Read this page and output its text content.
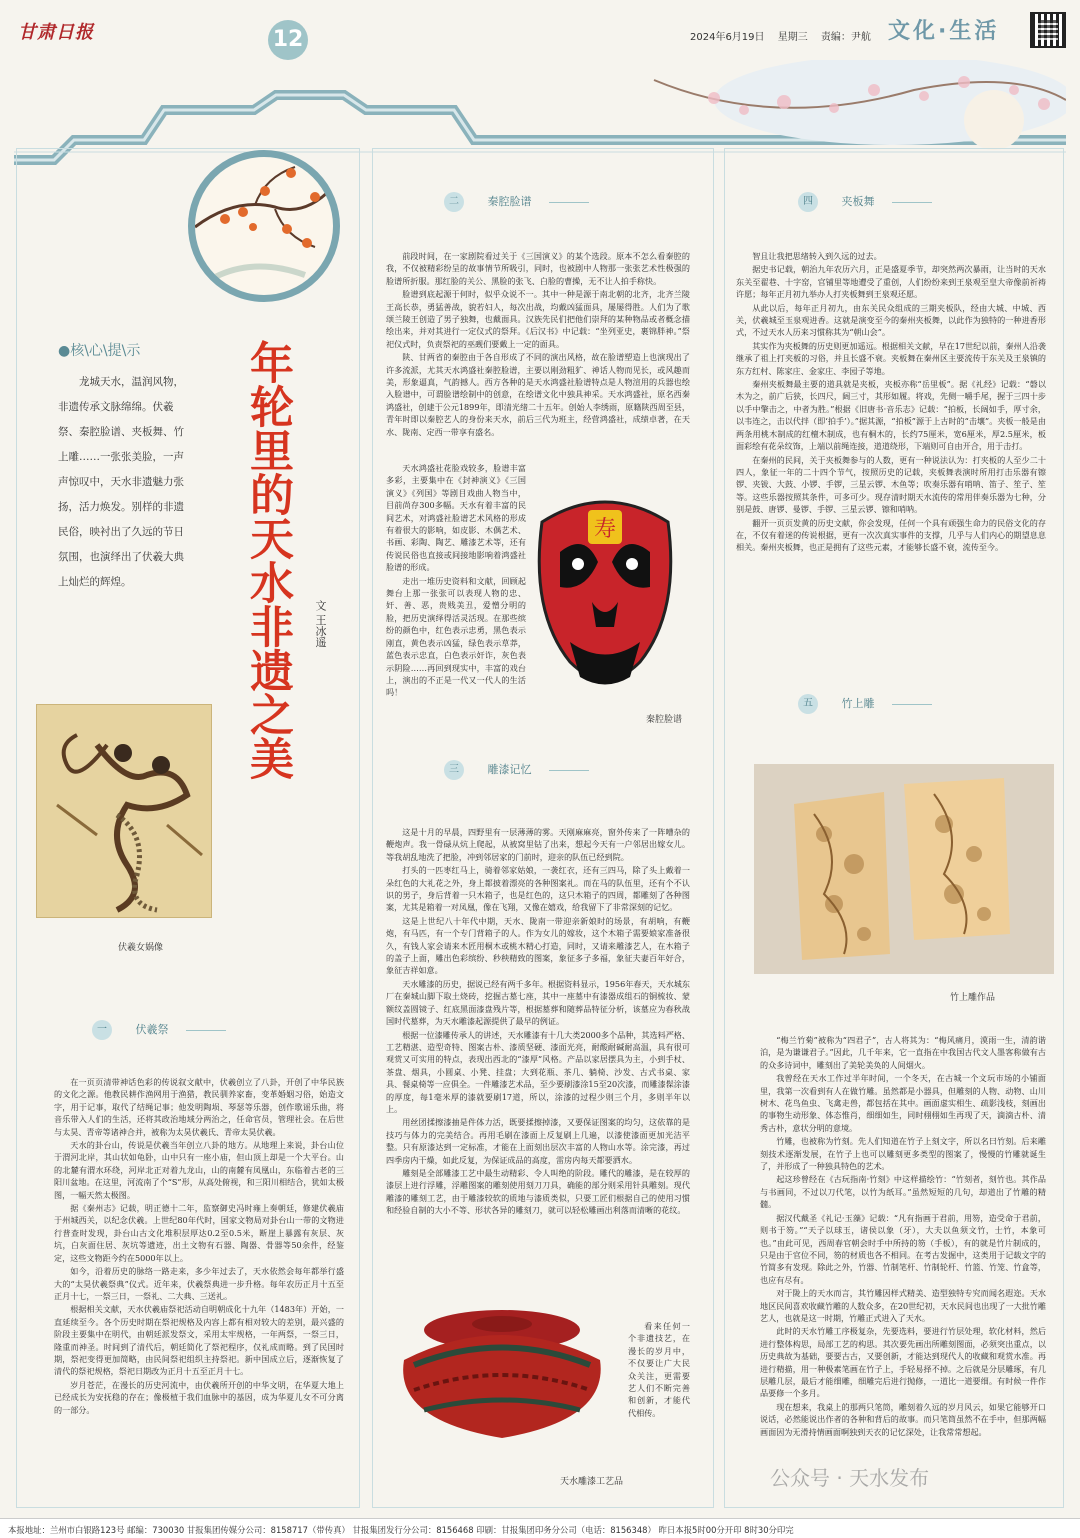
甘肃日报	12	2024年6月19日 星期三 责编：尹航 文化·生活
●核\心\提\示
龙城天水，温润风物，非遗传承文脉绵绵。伏羲祭、秦腔脸谱、夹板舞、竹上雕……一张张美脸，一声声惊叹中，天水非遗魅力张扬，活力焕发。别样的非遗民俗，映衬出了久远的节日氛围，也演绎出了伏羲大典上灿烂的辉煌。	年轮里的天水非遗之美 文 王冰遥
伏羲女娲像
一	伏羲祭

在一页页清带神话色彩的传说叙文献中，伏羲创立了八卦，开创了中华民族的文化之源。他教民耕作渔网用于渔猎，教民驯养家畜，变革婚姻习俗，始造文字，用于记事，取代了结绳记事；他发明陶埙、琴瑟等乐器，创作歌谣乐曲，将音乐带入人们的生活，还将其政治地域分两治之，任命官员，管理社会。在后世与太昊、青帝等诸神合并，被称为太昊伏羲氏、青帝太昊伏羲。

天水的卦台山，传说是伏羲当年创立八卦的地方。从地理上来说，卦台山位于渭河北岸，其山状如龟卧，山中只有一座小庙，但山顶上却是一个大平台。山的北麓有渭水环绕，河岸北正对着九龙山，山的南麓有凤凰山，东临着古老的三阳川盆地。在这里，河流南了个“S”形，从高处俯视，和三阳川相结合，犹如太极图，一幅天然太极图。

据《秦州志》记载，明正德十二年，监察御史冯时雍上奏朝廷，修建伏羲庙于州城西关，以纪念伏羲。上世纪80年代时，国家文物局对卦台山一带的文物进行普查时发现，卦台山古文化堆积层厚达0.2至0.5米，断崖上暴露有灰层、灰坑，白灰面住居、灰坑等遗迹，出土文物有石器、陶器、骨器等50余件，经鉴定，这些文物距今约在5000年以上。

如今，沿着历史的脉络一路走来，多少年过去了，天水依然会每年都举行盛大的“太昊伏羲祭典”仪式。近年来，伏羲祭典进一步升格。每年农历正月十五至正月十七，一祭三日，一祭礼、二大典、三送礼。

根据相关文献，天水伏羲庙祭祀活动自明朝成化十九年（1483年）开始，一直延续至今。各个历史时期在祭祀规格及内容上都有相对较大的差别，最兴盛的阶段主要集中在明代，由朝廷派发祭文，采用太牢规格，一年两祭，一祭三日，隆重而神圣。时间到了清代后，朝廷简化了祭祀程序，仅礼成而略。到了民国时期，祭祀变得更加简略，由民间祭祀组织主持祭祀。新中国成立后，逐渐恢复了清代的祭祀规格，祭祀日期改为正月十五至正月十七。

岁月苍茫，在漫长的历史河流中，由伏羲所开创的中华文明，在华夏大地上已经成长为安抚稳的存在；像极植于我们血脉中的基因，成为华夏儿女不可分离的一部分。

二	秦腔脸谱

前段时间，在一家剧院看过关于《三国演义》的某个选段。原本不怎么看秦腔的我，不仅被精彩纷呈的故事情节所吸引，同时，也被剧中人物那一张张艺术性极强的脸谱所折服。那红脸的关公、黑脸的张飞、白脸的曹操，无不让人拍手称快。

脸谱到底起源于何时，似乎众说不一。其中一种是源于南北朝的北齐，北齐兰陵王高长恭，勇猛善战，貌若妇人，每次出战，均戴凶猛面具，屡屡得胜。人们为了歌颂兰陵王创造了男子独舞，也戴面具。汉族先民们把他们崇拜的某种物品或者概念描绘出来，并对其进行一定仪式的祭拜。《后汉书》中记载：“坐列亚史，裹锦胖神。”祭祀仪式时，负责祭祀的巫觋们要戴上一定的面具。

陕、甘两省的秦腔由于各自形成了不同的演出风格，故在脸谱塑造上也演现出了许多流派，尤其天水鸿盛社秦腔脸谱，主要以刚劲粗犷、神话人物而见长，或风趣而美，形象逼真，气韵撼人。西方各种的是天水鸿盛社脸谱特点是人物渲用的兵器也绘入脸谱中，可谓脸谱绘制中的创意，在绘谱文化中独具神采。天水鸿盛社，原名西秦鸿盛社，创建于公元1899年，即清光绪二十五年。创始人李绣雨，原籍陕西周至县，青年时即以秦腔艺人的身份来天水，前后三代为班主，经营鸿盛社，成绩卓著，在天水、陇南、定西一带享有盛名。

天水鸿盛社花脸戏较多，脸谱丰富多彩，主要集中在《封神演义》《三国演义》《列国》等剧目戏曲人物当中，目前尚存300多幅。天水有着丰富的民间艺术，对鸿盛社脸谱艺术风格的形成有着很大的影响，如皮影、木偶艺术、书画、彩陶、陶艺、雕漆艺术等，还有传说民俗也直接或间接地影响着鸿盛社脸谱的形成。

走出一堆历史资料和文献，回顾起舞台上那一张张可以表现人物的忠、奸、善、恶，贵贱美丑，爱憎分明的脸，把历史演绎得活灵活现。在那些缤纷的颜色中，红色表示忠勇，黑色表示刚直，黄色表示凶猛，绿色表示草莽，蓝色表示忠直，白色表示奸诈，灰色表示阴险……再回到现实中，丰富的戏台上，演出的不正是一代又一代人的生活吗！

寿
秦腔脸谱
三	雕漆记忆

这是十月的早晨，四野里有一层薄薄的雾。天刚麻麻亮，窗外传来了一阵嘈杂的鞭炮声。我一骨碌从炕上爬起，从被窝里钻了出来，想起今天有一户邻居出嫁女儿。等我胡乱地洗了把脸，冲到邻居家的门前时，迎亲的队伍已经到院。

打头的一匹枣红马上，骑着邻家姑娘，一袭红衣，还有三四马，除了头上戴着一朵红色的大礼花之外，身上都披着漂亮的各种图案礼。而在马的队伍里，还有个不认识的男子，身后背着一只木箱子，也是红色的，这只木箱子的四周，都雕刻了各种图案，尤其是箱着一对凤凰，像在飞翔，又像在嬉戏，给我留下了非常深刻的记忆。

这是上世纪八十年代中期，天水、陇南一带迎亲新娘时的场景，有胡响，有鞭炮，有马匹，有一个专门背箱子的人。作为女儿的嫁妆，这个木箱子需要娘家准备很久，有钱人家会请来木匠用桐木或桃木精心打造，同时，又请来雕漆艺人，在木箱子的盖子上面，雕出色彩缤纷、秒秧精致的图案，象征多子多福，象征夫妻百年好合，象征吉祥如意。

天水雕漆的历史，据说已经有两千多年。根据资料显示，1956年春天，天水城东厂在秦城山脚下取土烧砖，挖掘古墓七座，其中一座墓中有漆器成组石的铜梳妆、蒙额纹盖圆镜子、红底黑面漆盘残片等，根据墓葬和随葬品特征分析，该墓应为春秋战国时代墓葬，为天水雕漆起源提供了最早的例证。

根据一位漆雕传承人的讲述，天水雕漆有十几大类2000多个品种，其选料严格、工艺精湛、造型奇特、图案古朴、漆质坚硬、漆面光亮，耐酸耐碱耐高温，具有很可观赏又可实用的特点，表现出西北的“漆厚”风格。产品以家居摆具为主，小到手杖、茶盘、烟具，小圆桌、小凳、挂盘；大到花瓶、茶几、躺椅、沙发、古式书桌、家具、餐桌椅等一应俱全。一件雕漆艺术品，至少要刷漆涂15至20次漆，而雕漆髹涂漆的厚度，每1毫米厚的漆就要刷17道，所以，涂漆的过程少则三个月，多则半年以上。

用丝团揉擦漆抽是件体力活，既要揉擦掉漆，又要保证图案的均匀，这依靠的是技巧与体力的完美结合。再用毛刷在漆面上反复刷上几遍，以漆使漆面更加光洁平整。只有原漆达到一定标准，才能在上面刻出层次丰富的人物山水等。涂完漆，再过四季房内干燥，如此反复，为保证成品的高度，雷房内每天都要洒水。

雕刻是全部雕漆工艺中最生动精彩、令人叫绝的阶段。雕代的雕漆，是在较厚的漆层上进行浮雕，浮雕图案的雕刻使用刻刀刀具，确能的部分则采用针具雕刻。现代雕漆的雕刻工艺，由于雕漆较软的质地与漆质类似，只要工匠们根据自己的使用习惯和经验自制的大小不等、形状各异的雕刻刀，就可以轻松雕画出利落而清晰的花纹。

看来任何一个非遗技艺，在漫长的岁月中，不仅要让广大民众关注，更需要艺人们不断完善和创新，才能代代相传。

天水雕漆工艺品
四	夹板舞

智且让我把思绪转入到久远的过去。

据史书记载，朝治九年农历六月，正是盛夏季节，却突然两次暴雨，让当时的天水东关至翟巷、十字窑，官铺里等地遭受了重创，人们纷纷来到王泉观至皇大帝像前祈祷许愿；每年正月初九举办人打夹板舞到王泉观还愿。

从此以后，每年正月初九，由东关民众组成的三期夹板队，经由大城、中城、西关，伏羲城至玉泉观进香。这就是演变至今的秦州夹板舞，以此作为独特的一种进香形式，不过天水人历来习惯称其为“朝山会”。

其实作为夹板舞的历史则更加遥远。根据相关文献，早在17世纪以前，秦州人沿袭继承了祖上打夹板的习俗，并且长盛不衰。夹板舞在秦州区主要流传于东关及王泉镇的东方红村、陈家庄、金家庄、李园子等地。

秦州夹板舞最主要的道具就是夹板，夹板亦称“岳里板”。据《礼经》记载：“磐以木为之，前广后狭，长四尺，阔三寸，其形如履。将戏，先侧一嚼手尾，握于三四十步以手中擎击之，中者为胜。”根据《旧唐书·音乐志》记载：“拍板，长阔如手，厚寸余，以韦连之，击以代拌（即‘拍手’）。”据其源，“拍板”源于上古时的“击壤”。夹板一般是由两条用桃木制成的红檀木制成，也有桐木的，长约75厘米，宽6厘米，厚2.5厘米，板面彩绘有花朵纹饰，上端以前绳连接，道道绕形，下端则可自由开合，用于击打。

在秦州的民间，关于夹板舞参与的人数，更有一种说法认为：打夹板的人至少二十四人，象征一年的二十四个节气，按照历史的记载，夹板舞表演时所用打击乐器有镲锣、夹钹、大鼓、小锣、手锣，三星云锣、木鱼等；吹奏乐器有哨呐、笛子、笙子、笙等。这些乐器按照其条件，可多可少。现存清时期天水流传的常用伴奏乐器为七种，分别是鼓、唐锣、曼锣、手锣、三星云锣、镲和哨呐。

翻开一页页发黄的历史文献，你会发现，任何一个具有顽强生命力的民俗文化的存在，不仅有着迷的传说根据，更有一次次真实事件的支撑，几乎与人们内心的期望息息相关。秦州夹板舞，也正是拥有了这些元素，才能够长盛不衰，流传至今。

五	竹上雕
竹上雕作品

“梅兰竹菊”被称为“四君子”，古人将其为：“梅风痛月，漠雨一生，清韵谐泊，是为谦谦君子。”因此，几千年来，它一直指在中我国古代文人墨客称做有古的众多诗词中，雕刻出了美轮美奂的人间烟火。

我曾经在天水工作过半年时间，一个冬天，在古城一个文玩市场的小铺面里，我第一次看到有人在做竹雕。虽然都是小器具，但雕刻的人物、动物、山川树木、花鸟鱼虫、飞禽走兽，都包括在其中。画面虚实相生、疏影浅枝，刻画出的事物生动形象、体态惟肖，细细如生，同时栩栩如生再现了天，滴滴古朴、清秀古朴，意状分明的意境。

竹雕，也被称为竹刻。先人们知道在竹子上刻文字，所以名曰竹刻。后来雕刻技术逐渐发展，在竹子上也可以雕刻更多类型的图案了，慢慢的竹雕就诞生了，并形成了一种独具特色的艺术。

起这珍曾经在《古玩指南·竹刻》中这样描绘竹：“竹刻者，刻竹也。其作品与书画同，不过以刀代笔，以竹为纸耳。”虽然短短的几句，却道出了竹雕的精髓。

据汉代戴圣《礼记·玉藻》记载：“凡有指画于君前，用笏，造受命于君前，则书于笏。”“天子以球玉，诸侯以象（牙），大夫以鱼须文竹，士竹，本象可也。”由此可见，西周春官朝会时手中所持的笏（手板），有的就是竹片制成的，只是由于官位不同，笏的材质也各不相同。在考古发掘中，这类用于记载文字的竹简多有发现。除此之外，竹器、竹制笔杆、竹制轮杆、竹篮、竹笼、竹盒等，也应有尽有。

对于陇上的天水而言，其竹雕因样式精美、造型独特专究而闻名遐迩。天水地区民间喜欢收藏竹雕的人数众多，在20世纪初，天水民间也出现了一大批竹雕艺人，也就是这一时期，竹雕正式进入了天水。

此时的天水竹雕工序极复杂，先要选料，要进行竹层处理，软化材料，然后进行整体构思，局部工艺的构思。其次要先画出所雕刻图面，必须突出重点，以历史典故为基础，要要古古，又要创新，才能达到现代人的收藏和观赏水准。再进行精描，用一种极素笔画在竹子上，手轻易择不掉。之后就是分层雕琢，有几层雕几层，最后才能细雕，细雕完后进行抛修，一道比一道要细。有时候一件作品要修一个多月。

现在想来，我桌上的那两只笔筒，雕刻着久远的岁月风云，如果它能够开口说话，必然能说出作者的各种和背后的故事。而只笔筒虽然不在手中，但那两幅画面因为无滑持情画面啊独到天衣的记忆深处，让我常常想起。

公众号 · 天水发布
本报地址：兰州市白银路123号 邮编：730030 甘报集团传媒分公司：8158717（带传真） 甘报集团发行分公司：8156468 印刷：甘报集团印务分公司（电话：8156348） 昨日本报5时00分开印 8时30分印完
